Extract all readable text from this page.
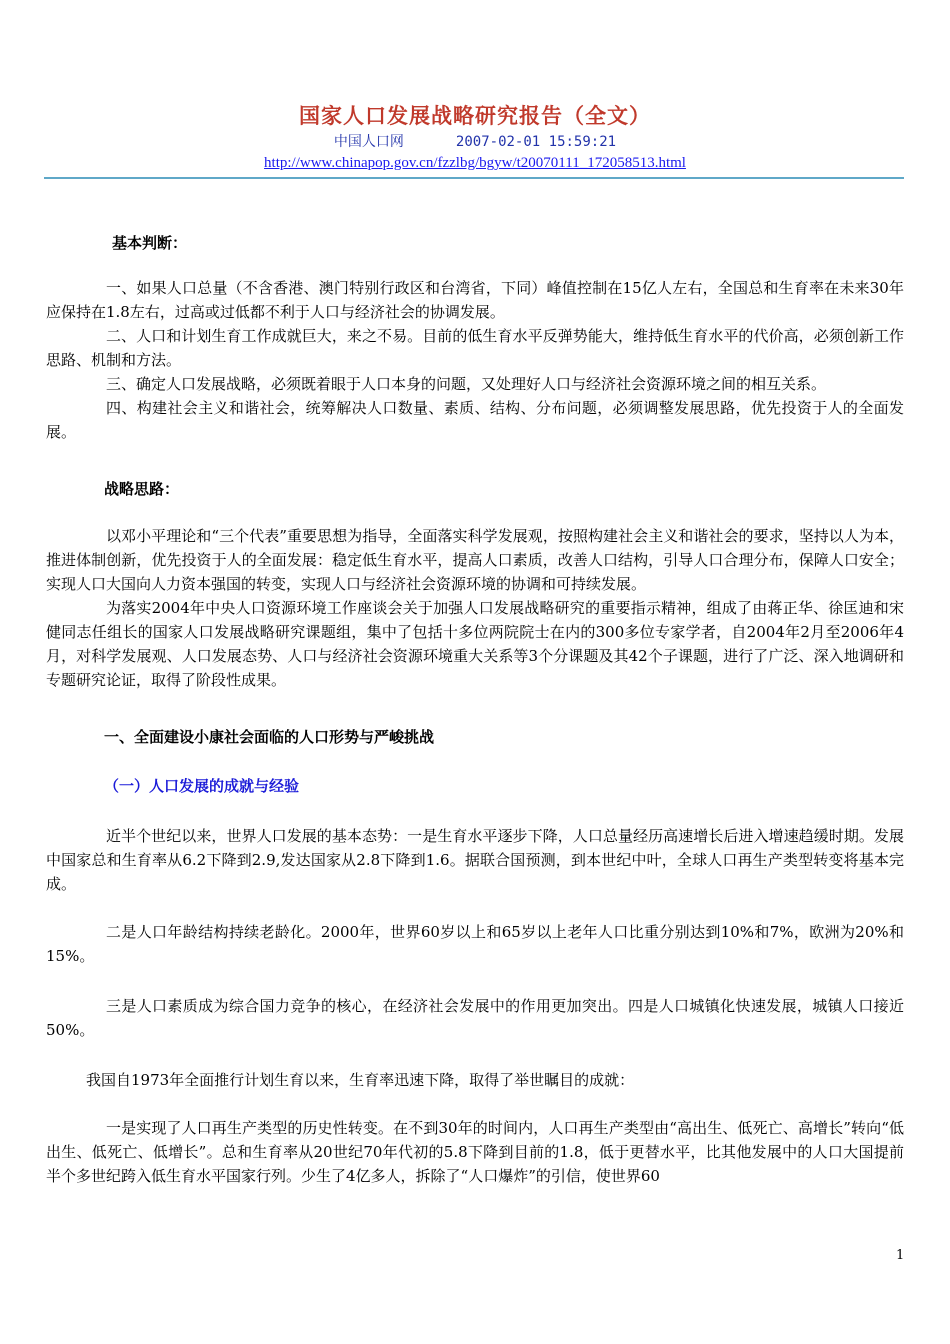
国家人口发展战略研究报告（全文）
中国人口网	2007-02-01 15:59:21
http://www.chinapop.gov.cn/fzzlbg/bgyw/t20070111_172058513.html
基本判断：

一、如果人口总量（不含香港、澳门特别行政区和台湾省，下同）峰值控制在15亿人左右，全国总和生育率在未来30年应保持在1.8左右，过高或过低都不利于人口与经济社会的协调发展。

二、人口和计划生育工作成就巨大，来之不易。目前的低生育水平反弹势能大，维持低生育水平的代价高，必须创新工作思路、机制和方法。

三、确定人口发展战略，必须既着眼于人口本身的问题，又处理好人口与经济社会资源环境之间的相互关系。

四、构建社会主义和谐社会，统筹解决人口数量、素质、结构、分布问题，必须调整发展思路，优先投资于人的全面发展。

战略思路：

以邓小平理论和“三个代表”重要思想为指导，全面落实科学发展观，按照构建社会主义和谐社会的要求，坚持以人为本，推进体制创新，优先投资于人的全面发展：稳定低生育水平，提高人口素质，改善人口结构，引导人口合理分布，保障人口安全；实现人口大国向人力资本强国的转变，实现人口与经济社会资源环境的协调和可持续发展。

为落实2004年中央人口资源环境工作座谈会关于加强人口发展战略研究的重要指示精神，组成了由蒋正华、徐匡迪和宋健同志任组长的国家人口发展战略研究课题组，集中了包括十多位两院院士在内的300多位专家学者，自2004年2月至2006年4月，对科学发展观、人口发展态势、人口与经济社会资源环境重大关系等3个分课题及其42个子课题，进行了广泛、深入地调研和专题研究论证，取得了阶段性成果。

一、全面建设小康社会面临的人口形势与严峻挑战
（一）人口发展的成就与经验

近半个世纪以来，世界人口发展的基本态势：一是生育水平逐步下降，人口总量经历高速增长后进入增速趋缓时期。发展中国家总和生育率从6.2下降到2.9,发达国家从2.8下降到1.6。据联合国预测，到本世纪中叶，全球人口再生产类型转变将基本完成。

二是人口年龄结构持续老龄化。2000年，世界60岁以上和65岁以上老年人口比重分别达到10%和7%，欧洲为20%和15%。

三是人口素质成为综合国力竞争的核心，在经济社会发展中的作用更加突出。四是人口城镇化快速发展，城镇人口接近50%。

我国自1973年全面推行计划生育以来，生育率迅速下降，取得了举世瞩目的成就：

一是实现了人口再生产类型的历史性转变。在不到30年的时间内，人口再生产类型由“高出生、低死亡、高增长”转向“低出生、低死亡、低增长”。总和生育率从20世纪70年代初的5.8下降到目前的1.8，低于更替水平，比其他发展中的人口大国提前半个多世纪跨入低生育水平国家行列。少生了4亿多人，拆除了“人口爆炸”的引信，使世界60

1
